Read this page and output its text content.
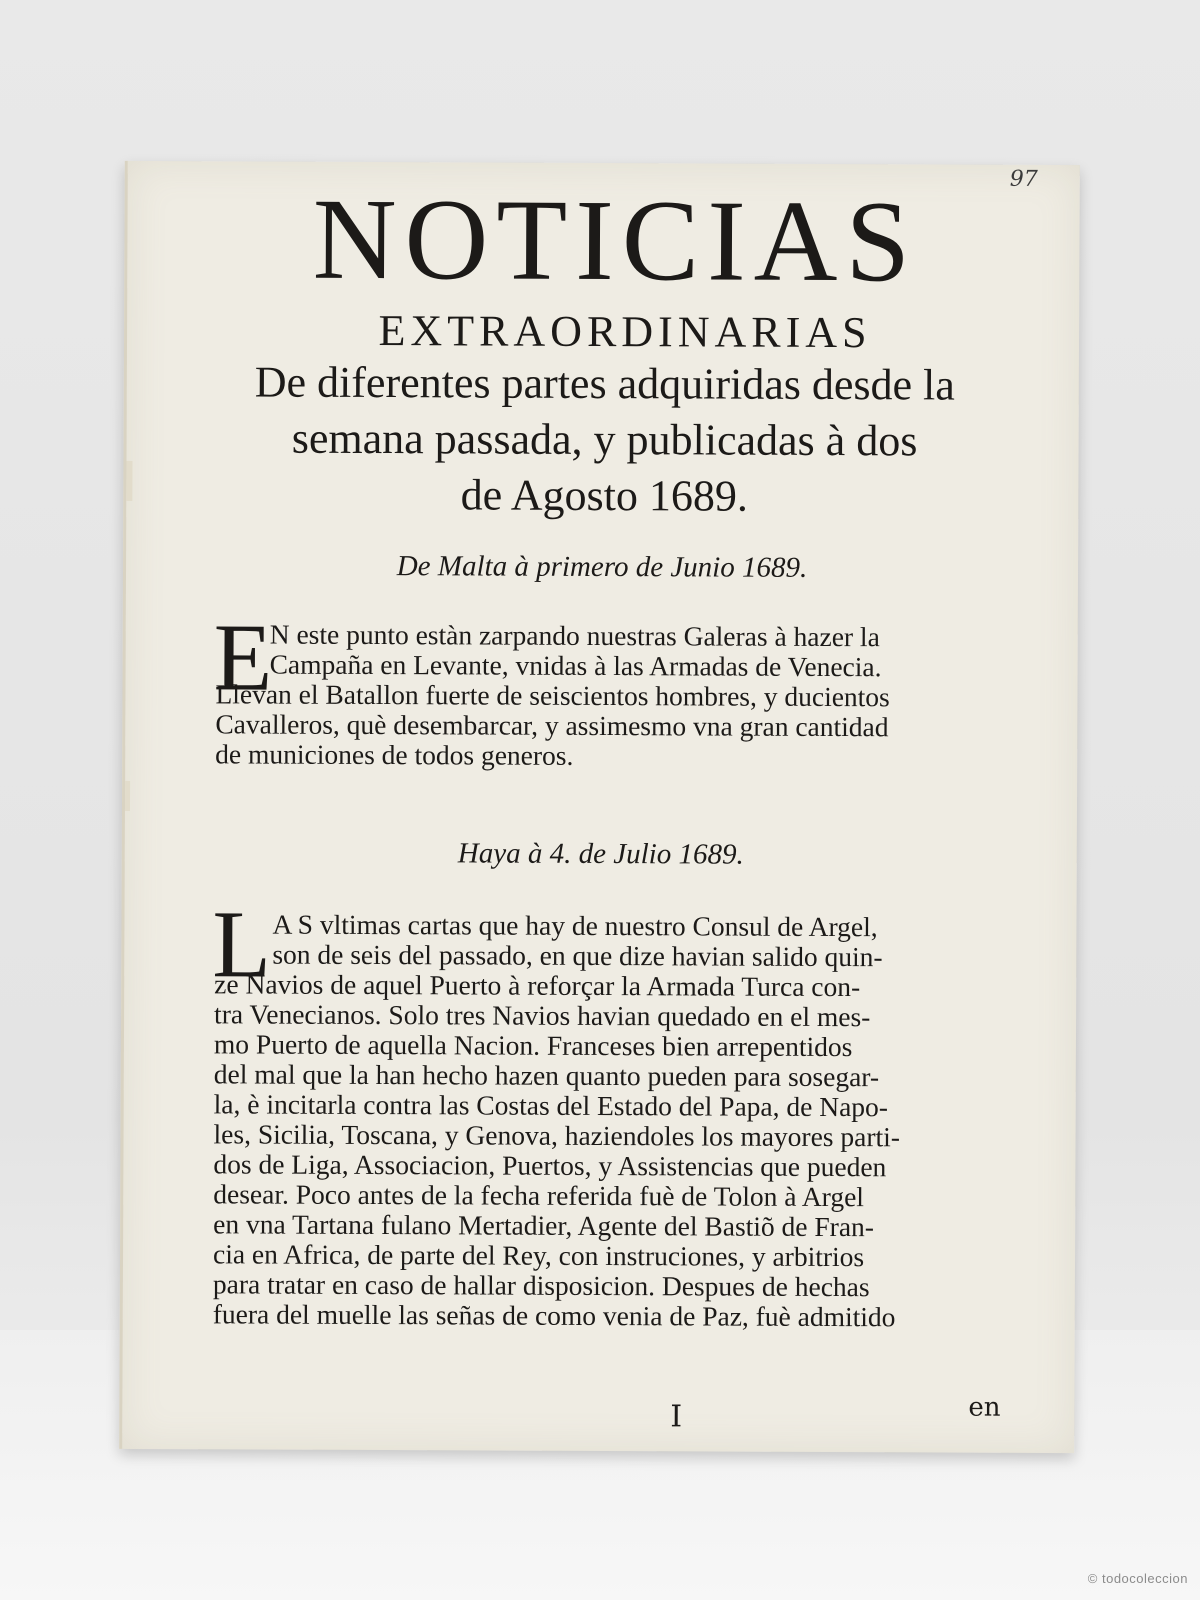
97
NOTICIAS
EXTRAORDINARIAS
De diferentes partes adquiridas desde la
semana passada, y publicadas à dos
de Agosto 1689.
De Malta à primero de Junio 1689.
E
N este punto estàn zarpando nuestras Galeras à hazer la
Campaña en Levante, vnidas à las Armadas de Venecia.
Llevan el Batallon fuerte de seiscientos hombres, y ducientos
Cavalleros, què desembarcar, y assimesmo vna gran cantidad
de municiones de todos generos.
Haya à 4. de Julio 1689.
L A S vltimas cartas que hay de nuestro Consul de Argel,
son de seis del passado, en que dize havian salido quin-
ze Navios de aquel Puerto à reforçar la Armada Turca con-
tra Venecianos. Solo tres Navios havian quedado en el mes-
mo Puerto de aquella Nacion. Franceses bien arrepentidos
del mal que la han hecho hazen quanto pueden para sosegar-
la, è incitarla contra las Costas del Estado del Papa, de Napo-
les, Sicilia, Toscana, y Genova, haziendoles los mayores parti-
dos de Liga, Associacion, Puertos, y Assistencias que pueden
desear. Poco antes de la fecha referida fuè de Tolon à Argel
en vna Tartana fulano Mertadier, Agente del Bastiõ de Fran-
cia en Africa, de parte del Rey, con instruciones, y arbitrios
para tratar en caso de hallar disposicion. Despues de hechas
fuera del muelle las señas de como venia de Paz, fuè admitido
I	en
© todocoleccion
